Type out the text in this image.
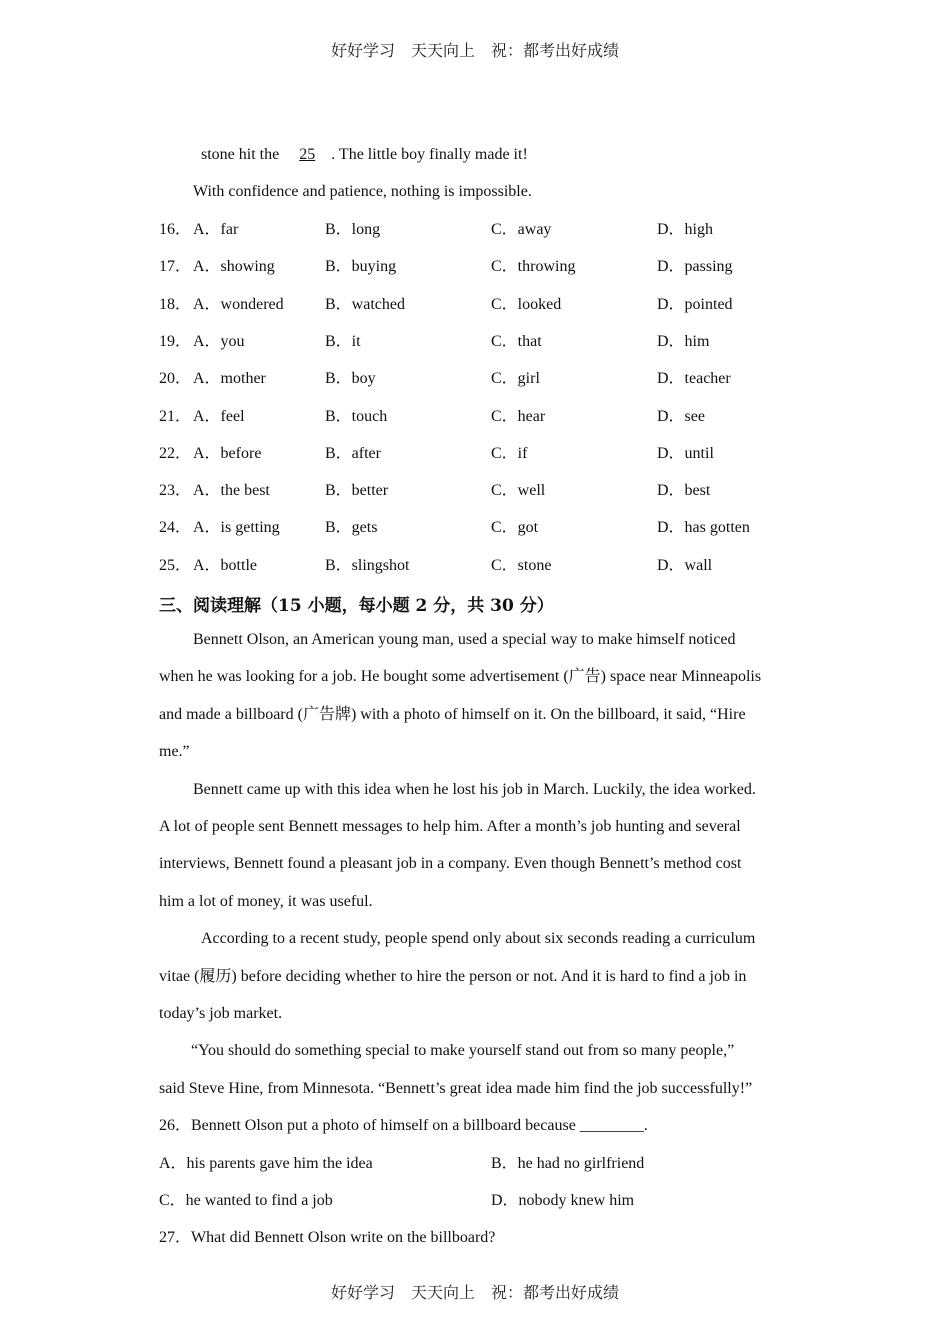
好好学习　天天向上　祝：都考出好成绩
stone hit the 25 . The little boy finally made it!
With confidence and patience, nothing is impossible.
16． A．far	B．long	C．away	D．high
17． A．showing	B．buying	C．throwing	D．passing
18． A．wondered	B．watched	C．looked	D．pointed
19． A．you	B．it	C．that	D．him
20． A．mother	B．boy	C．girl	D．teacher
21． A．feel	B．touch	C．hear	D．see
22． A．before	B．after	C．if	D．until
23． A．the best	B．better	C．well	D．best
24． A．is getting	B．gets	C．got	D．has gotten
25． A．bottle	B．slingshot	C．stone	D．wall
三、阅读理解（15 小题，每小题 2 分，共 30 分）
Bennett Olson, an American young man, used a special way to make himself noticed
when he was looking for a job. He bought some advertisement (广告) space near Minneapolis
and made a billboard (广告牌) with a photo of himself on it. On the billboard, it said, “Hire
me.”
Bennett came up with this idea when he lost his job in March. Luckily, the idea worked.
A lot of people sent Bennett messages to help him. After a month’s job hunting and several
interviews, Bennett found a pleasant job in a company. Even though Bennett’s method cost
him a lot of money, it was useful.
According to a recent study, people spend only about six seconds reading a curriculum
vitae (履历) before deciding whether to hire the person or not. And it is hard to find a job in
today’s job market.
“You should do something special to make yourself stand out from so many people,”
said Steve Hine, from Minnesota. “Bennett’s great idea made him find the job successfully!”
26．Bennett Olson put a photo of himself on a billboard because ________.
A．his parents gave him the idea	B．he had no girlfriend
C．he wanted to find a job	D．nobody knew him
27．What did Bennett Olson write on the billboard?
好好学习　天天向上　祝：都考出好成绩
